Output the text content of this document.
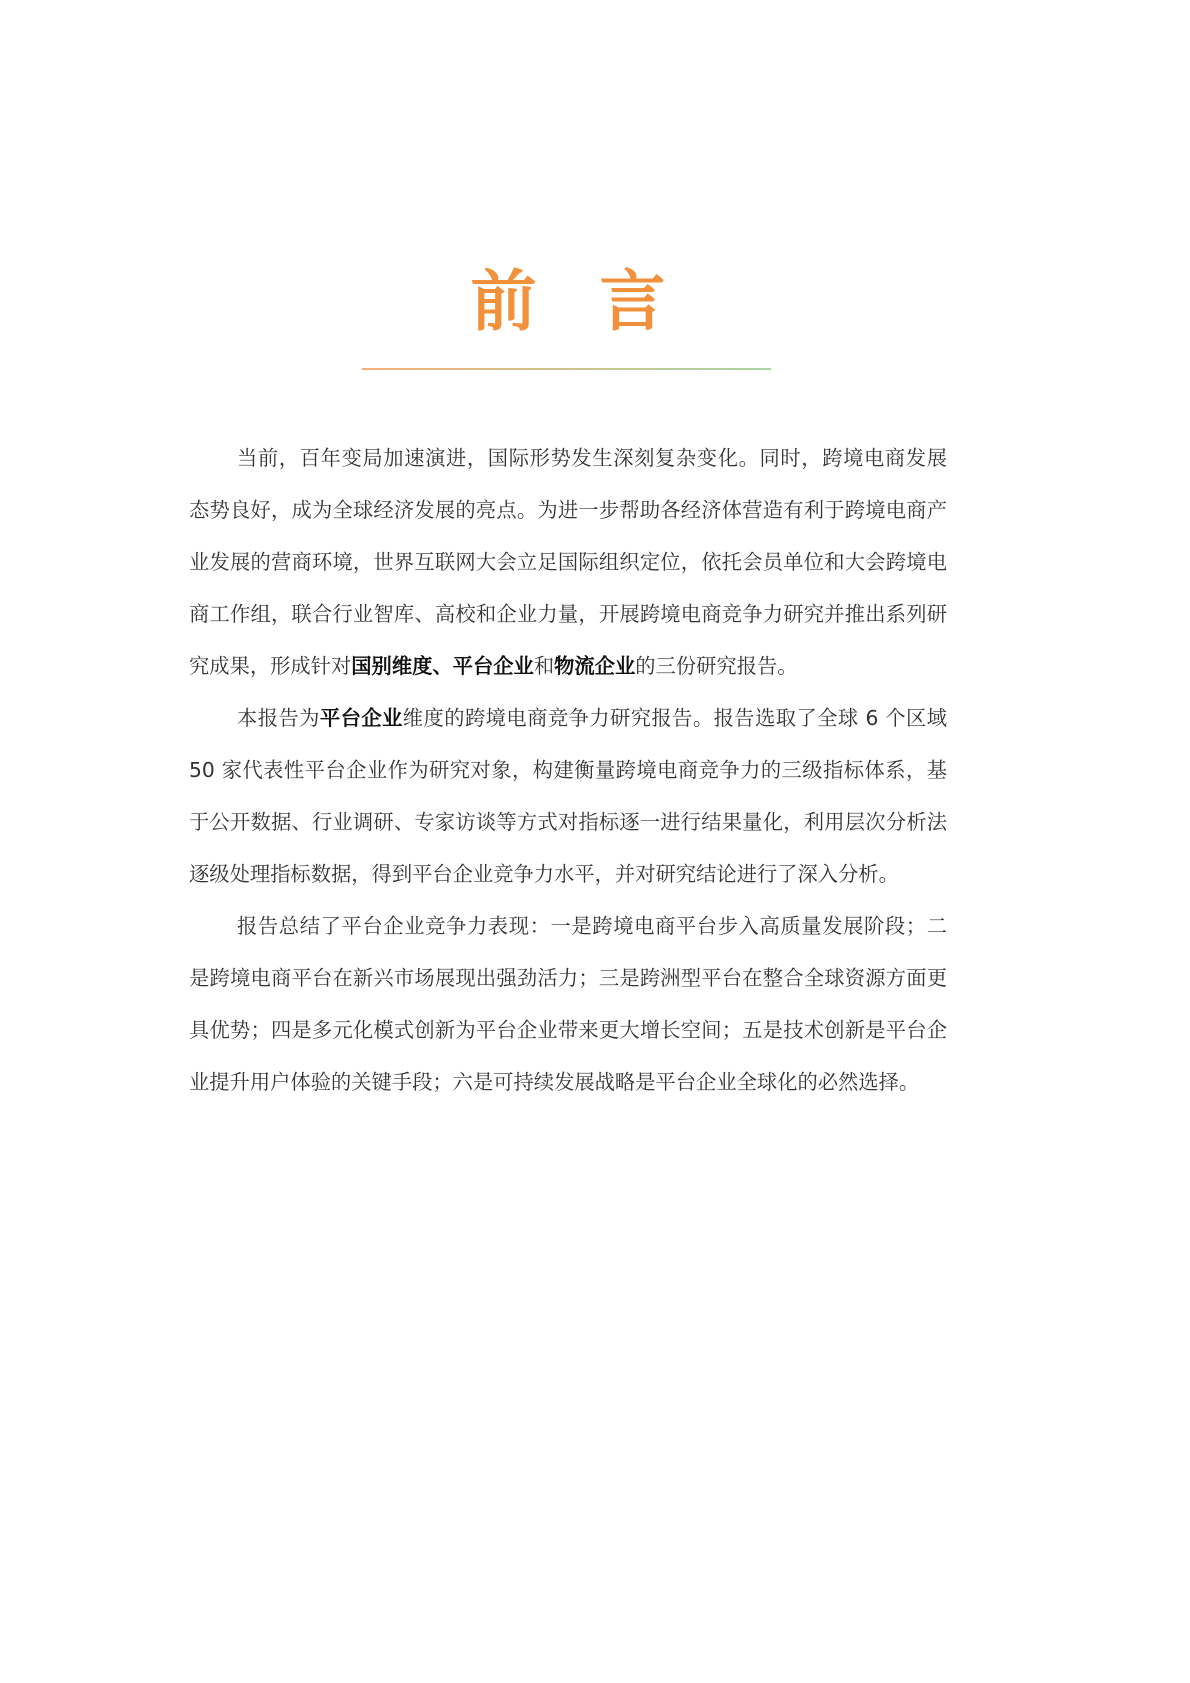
前 言
当前，百年变局加速演进，国际形势发生深刻复杂变化。同时，跨境电商发展
态势良好，成为全球经济发展的亮点。为进一步帮助各经济体营造有利于跨境电商产
业发展的营商环境，世界互联网大会立足国际组织定位，依托会员单位和大会跨境电
商工作组，联合行业智库、高校和企业力量，开展跨境电商竞争力研究并推出系列研
究成果，形成针对国别维度、平台企业和物流企业的三份研究报告。
本报告为平台企业维度的跨境电商竞争力研究报告。报告选取了全球 6 个区域
50 家代表性平台企业作为研究对象，构建衡量跨境电商竞争力的三级指标体系，基
于公开数据、行业调研、专家访谈等方式对指标逐一进行结果量化，利用层次分析法
逐级处理指标数据，得到平台企业竞争力水平，并对研究结论进行了深入分析。
报告总结了平台企业竞争力表现：一是跨境电商平台步入高质量发展阶段；二
是跨境电商平台在新兴市场展现出强劲活力；三是跨洲型平台在整合全球资源方面更
具优势；四是多元化模式创新为平台企业带来更大增长空间；五是技术创新是平台企
业提升用户体验的关键手段；六是可持续发展战略是平台企业全球化的必然选择。
